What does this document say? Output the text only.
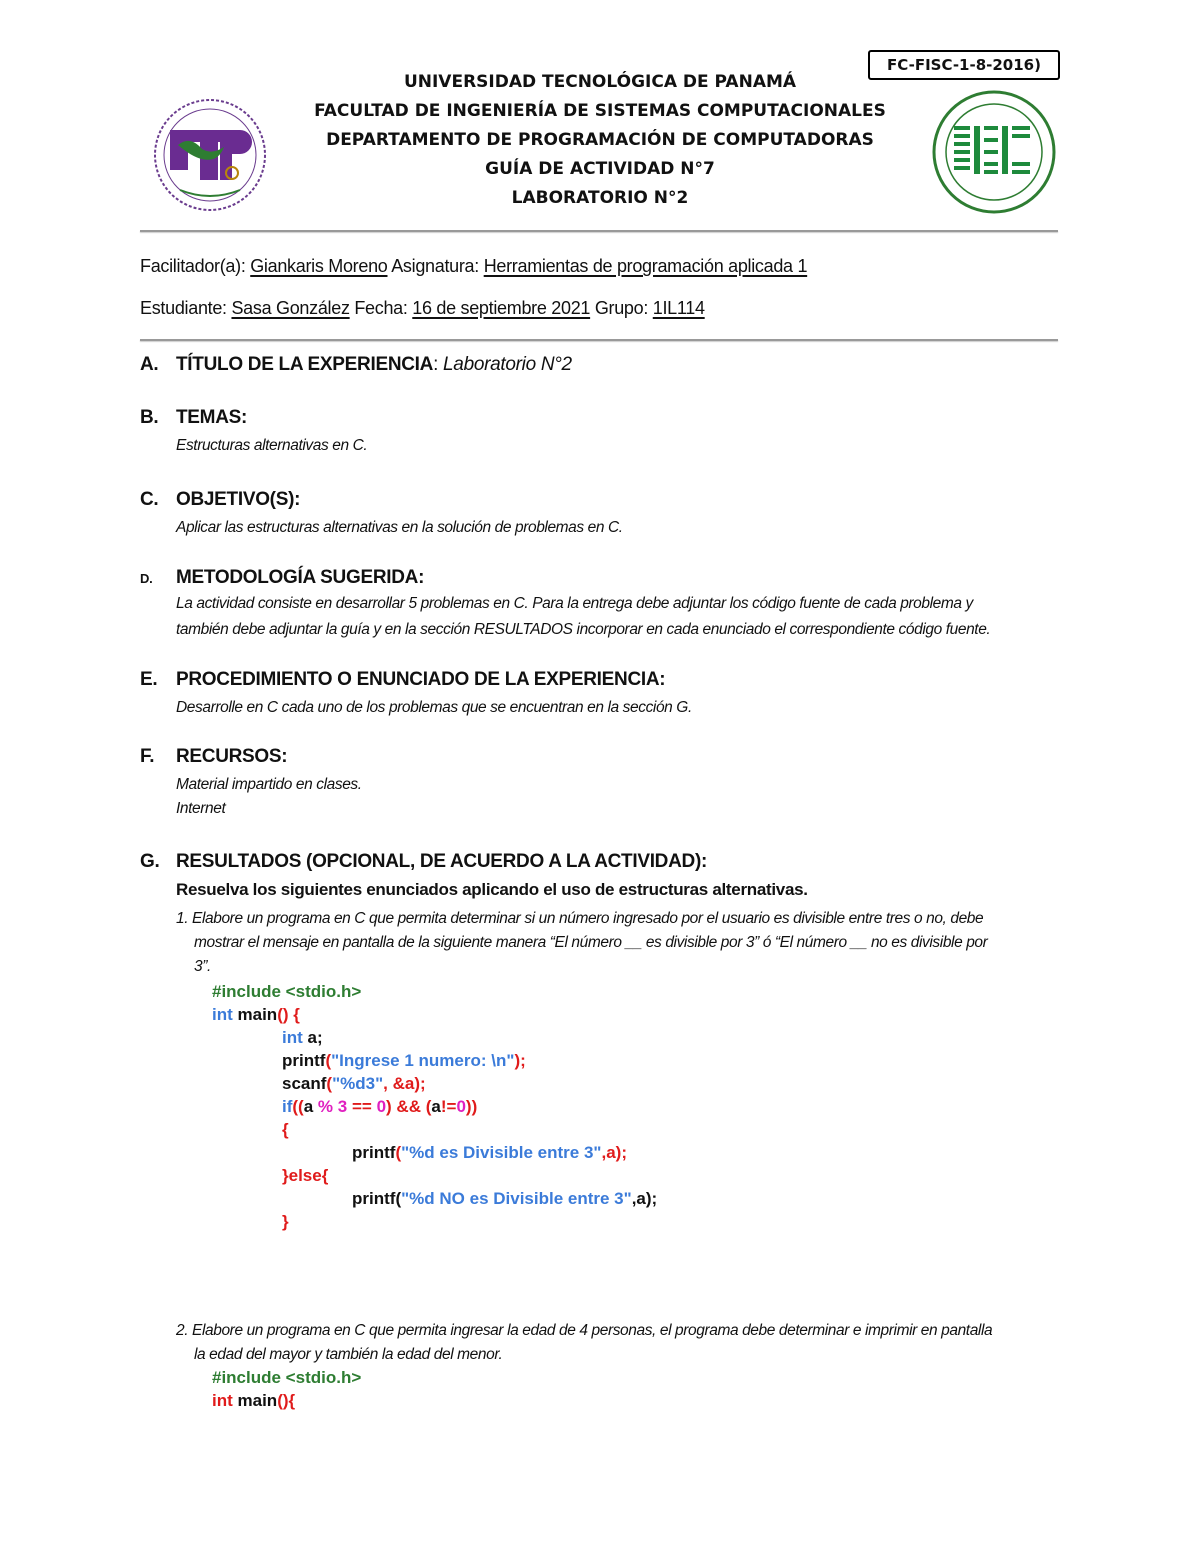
FC-FISC-1-8-2016)
UNIVERSIDAD TECNOLÓGICA DE PANAMÁ
FACULTAD DE INGENIERÍA DE SISTEMAS COMPUTACIONALES
DEPARTAMENTO DE PROGRAMACIÓN DE COMPUTADORAS
GUÍA DE ACTIVIDAD N°7
LABORATORIO N°2
Facilitador(a): Giankaris Moreno Asignatura: Herramientas de programación aplicada 1
Estudiante: Sasa González Fecha: 16 de septiembre 2021 Grupo: 1IL114
A. TÍTULO DE LA EXPERIENCIA: Laboratorio N°2
B. TEMAS:
Estructuras alternativas en C.
C. OBJETIVO(S):
Aplicar las estructuras alternativas en la solución de problemas en C.
D. METODOLOGÍA SUGERIDA:
La actividad consiste en desarrollar 5 problemas en C. Para la entrega debe adjuntar los código fuente de cada problema y
también debe adjuntar la guía y en la sección RESULTADOS incorporar en cada enunciado el correspondiente código fuente.
E. PROCEDIMIENTO O ENUNCIADO DE LA EXPERIENCIA:
Desarrolle en C cada uno de los problemas que se encuentran en la sección G.
F. RECURSOS:
Material impartido en clases.
Internet
G. RESULTADOS (OPCIONAL, DE ACUERDO A LA ACTIVIDAD):
Resuelva los siguientes enunciados aplicando el uso de estructuras alternativas.
1. Elabore un programa en C que permita determinar si un número ingresado por el usuario es divisible entre tres o no, debe
mostrar el mensaje en pantalla de la siguiente manera “El número __ es divisible por 3” ó “El número __ no es divisible por
3”.
#include <stdio.h>
int main() {
int a;
printf("Ingrese 1 numero: \n");
scanf("%d3", &a);
if((a % 3 == 0) && (a!=0))
{
printf("%d es Divisible entre 3",a);
}else{
printf("%d NO es Divisible entre 3",a);
}
2. Elabore un programa en C que permita ingresar la edad de 4 personas, el programa debe determinar e imprimir en pantalla
la edad del mayor y también la edad del menor.
#include <stdio.h>
int main(){
